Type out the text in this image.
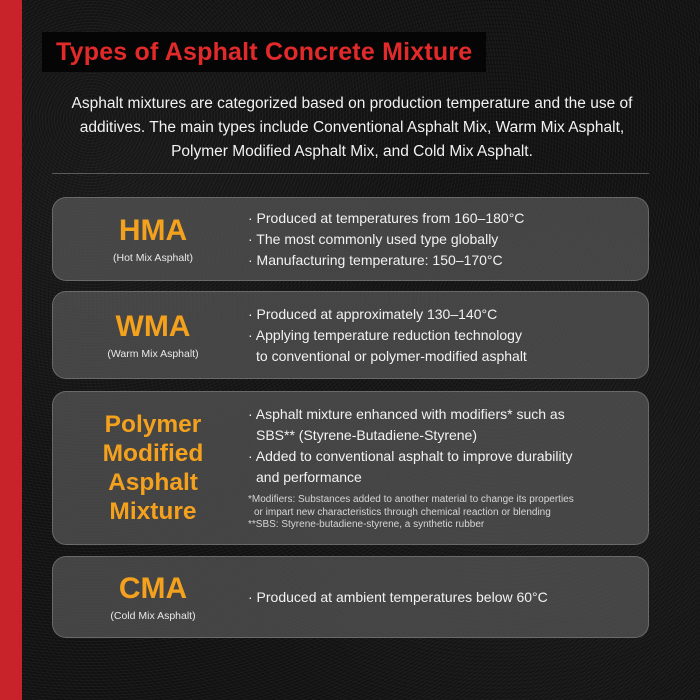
Types of Asphalt Concrete Mixture
Asphalt mixtures are categorized based on production temperature and the use of additives. The main types include Conventional Asphalt Mix, Warm Mix Asphalt, Polymer Modified Asphalt Mix, and Cold Mix Asphalt.
HMA
(Hot Mix Asphalt)
· Produced at temperatures from 160–180°C
· The most commonly used type globally
· Manufacturing temperature: 150–170°C
WMA
(Warm Mix Asphalt)
· Produced at approximately 130–140°C
· Applying temperature reduction technology
to conventional or polymer-modified asphalt
Polymer
Modified
Asphalt
Mixture
· Asphalt mixture enhanced with modifiers* such as
SBS** (Styrene-Butadiene-Styrene)
· Added to conventional asphalt to improve durability
and performance
*Modifiers: Substances added to another material to change its properties
or impart new characteristics through chemical reaction or blending
**SBS: Styrene-butadiene-styrene, a synthetic rubber
CMA
(Cold Mix Asphalt)
· Produced at ambient temperatures below 60°C
